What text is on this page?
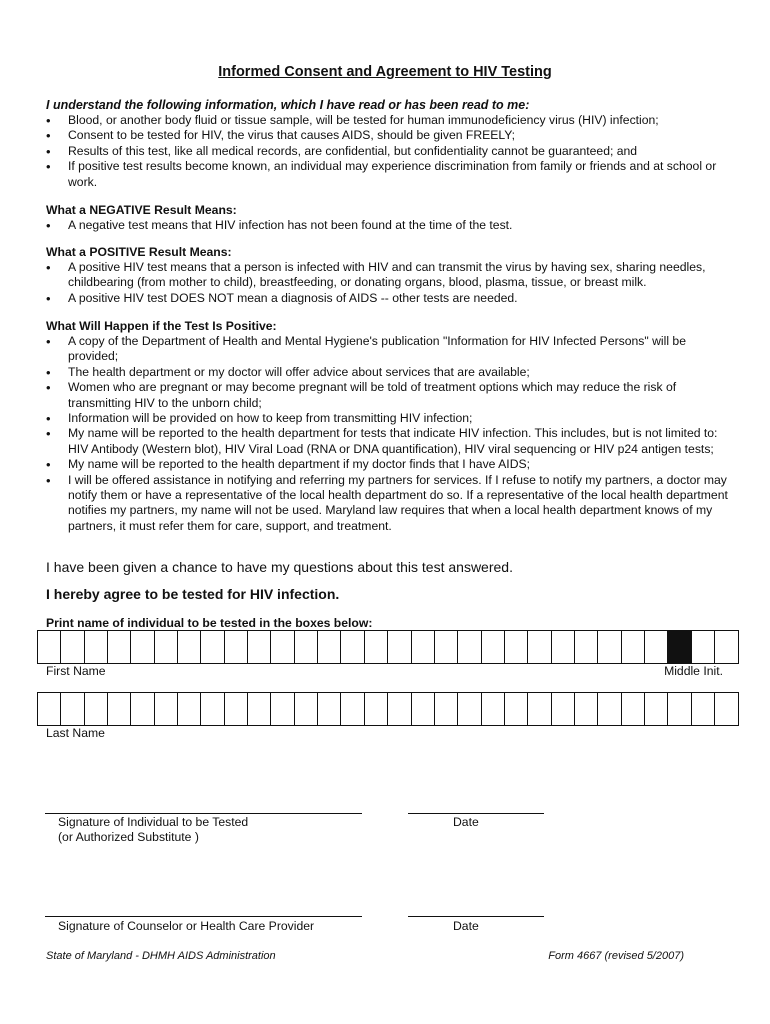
Informed Consent and Agreement to HIV Testing
I understand the following information, which I have read or has been read to me:
• Blood, or another body fluid or tissue sample, will be tested for human immunodeficiency virus (HIV) infection;
• Consent to be tested for HIV, the virus that causes AIDS, should be given FREELY;
• Results of this test, like all medical records, are confidential, but confidentiality cannot be guaranteed; and
• If positive test results become known, an individual may experience discrimination from family or friends and at school or work.

What a NEGATIVE Result Means:

• A negative test means that HIV infection has not been found at the time of the test.

What a POSITIVE Result Means:

• A positive HIV test means that a person is infected with HIV and can transmit the virus by having sex, sharing needles, childbearing (from mother to child), breastfeeding, or donating organs, blood, plasma, tissue, or breast milk.
• A positive HIV test DOES NOT mean a diagnosis of AIDS -- other tests are needed.

What Will Happen if the Test Is Positive:

• A copy of the Department of Health and Mental Hygiene's publication "Information for HIV Infected Persons" will be provided;
• The health department or my doctor will offer advice about services that are available;
• Women who are pregnant or may become pregnant will be told of treatment options which may reduce the risk of transmitting HIV to the unborn child;
• Information will be provided on how to keep from transmitting HIV infection;
• My name will be reported to the health department for tests that indicate HIV infection. This includes, but is not limited to: HIV Antibody (Western blot), HIV Viral Load (RNA or DNA quantification), HIV viral sequencing or HIV p24 antigen tests;
• My name will be reported to the health department if my doctor finds that I have AIDS;
• I will be offered assistance in notifying and referring my partners for services. If I refuse to notify my partners, a doctor may notify them or have a representative of the local health department do so. If a representative of the local health department notifies my partners, my name will not be used. Maryland law requires that when a local health department knows of my partners, it must refer them for care, support, and treatment.
I have been given a chance to have my questions about this test answered.
I hereby agree to be tested for HIV infection.
Print name of individual to be tested in the boxes below:
First Name	Middle Init.
Last Name
Signature of Individual to be Tested
(or Authorized Substitute )
Date
Signature of Counselor or Health Care Provider	Date
State of Maryland - DHMH AIDS Administration	Form 4667 (revised 5/2007)
